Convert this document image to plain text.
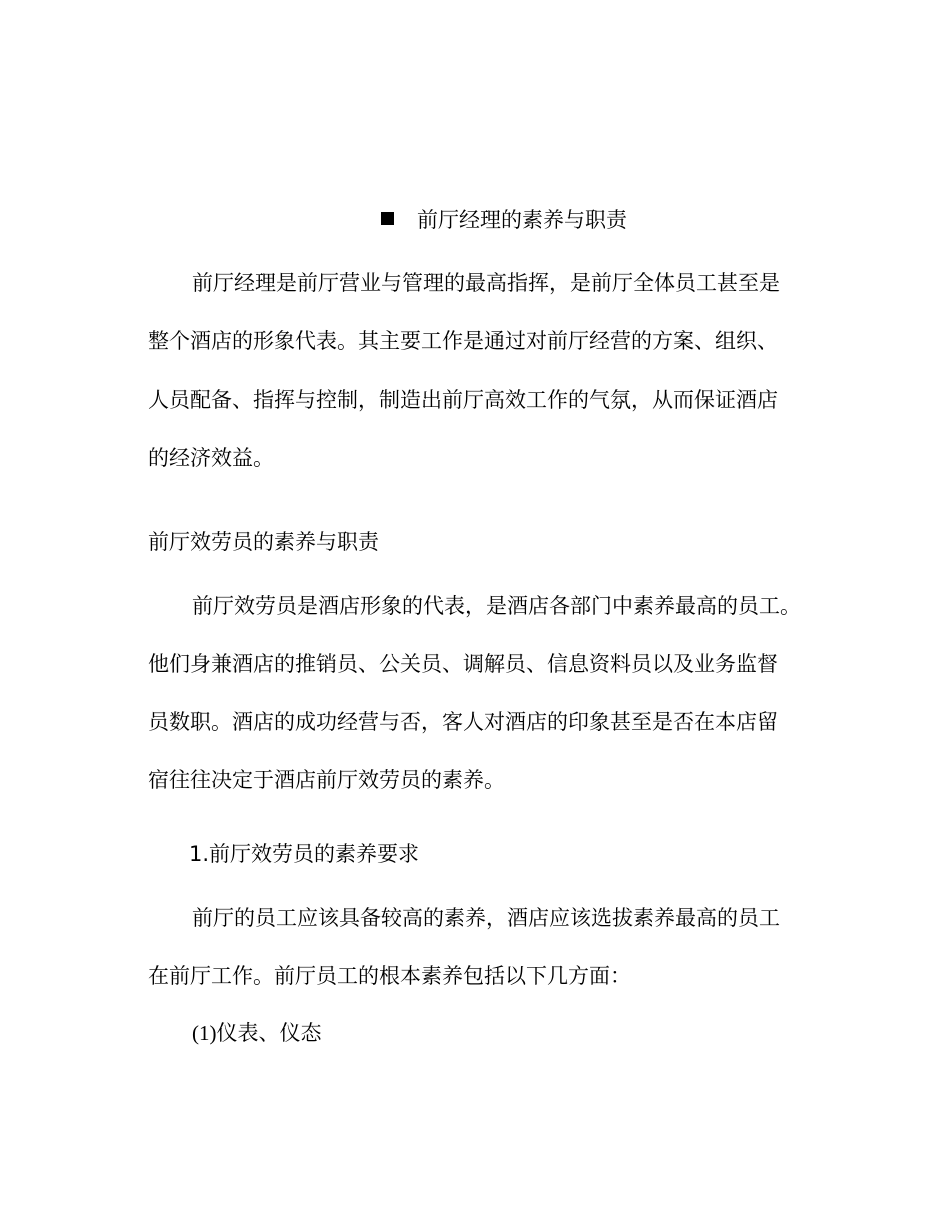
前厅经理的素养与职责
前厅经理是前厅营业与管理的最高指挥，是前厅全体员工甚至是
整个酒店的形象代表。其主要工作是通过对前厅经营的方案、组织、
人员配备、指挥与控制，制造出前厅高效工作的气氛，从而保证酒店
的经济效益。
前厅效劳员的素养与职责
前厅效劳员是酒店形象的代表，是酒店各部门中素养最高的员工。
他们身兼酒店的推销员、公关员、调解员、信息资料员以及业务监督
员数职。酒店的成功经营与否，客人对酒店的印象甚至是否在本店留
宿往往决定于酒店前厅效劳员的素养。
1.前厅效劳员的素养要求
前厅的员工应该具备较高的素养，酒店应该选拔素养最高的员工
在前厅工作。前厅员工的根本素养包括以下几方面：
(1)仪表、仪态
